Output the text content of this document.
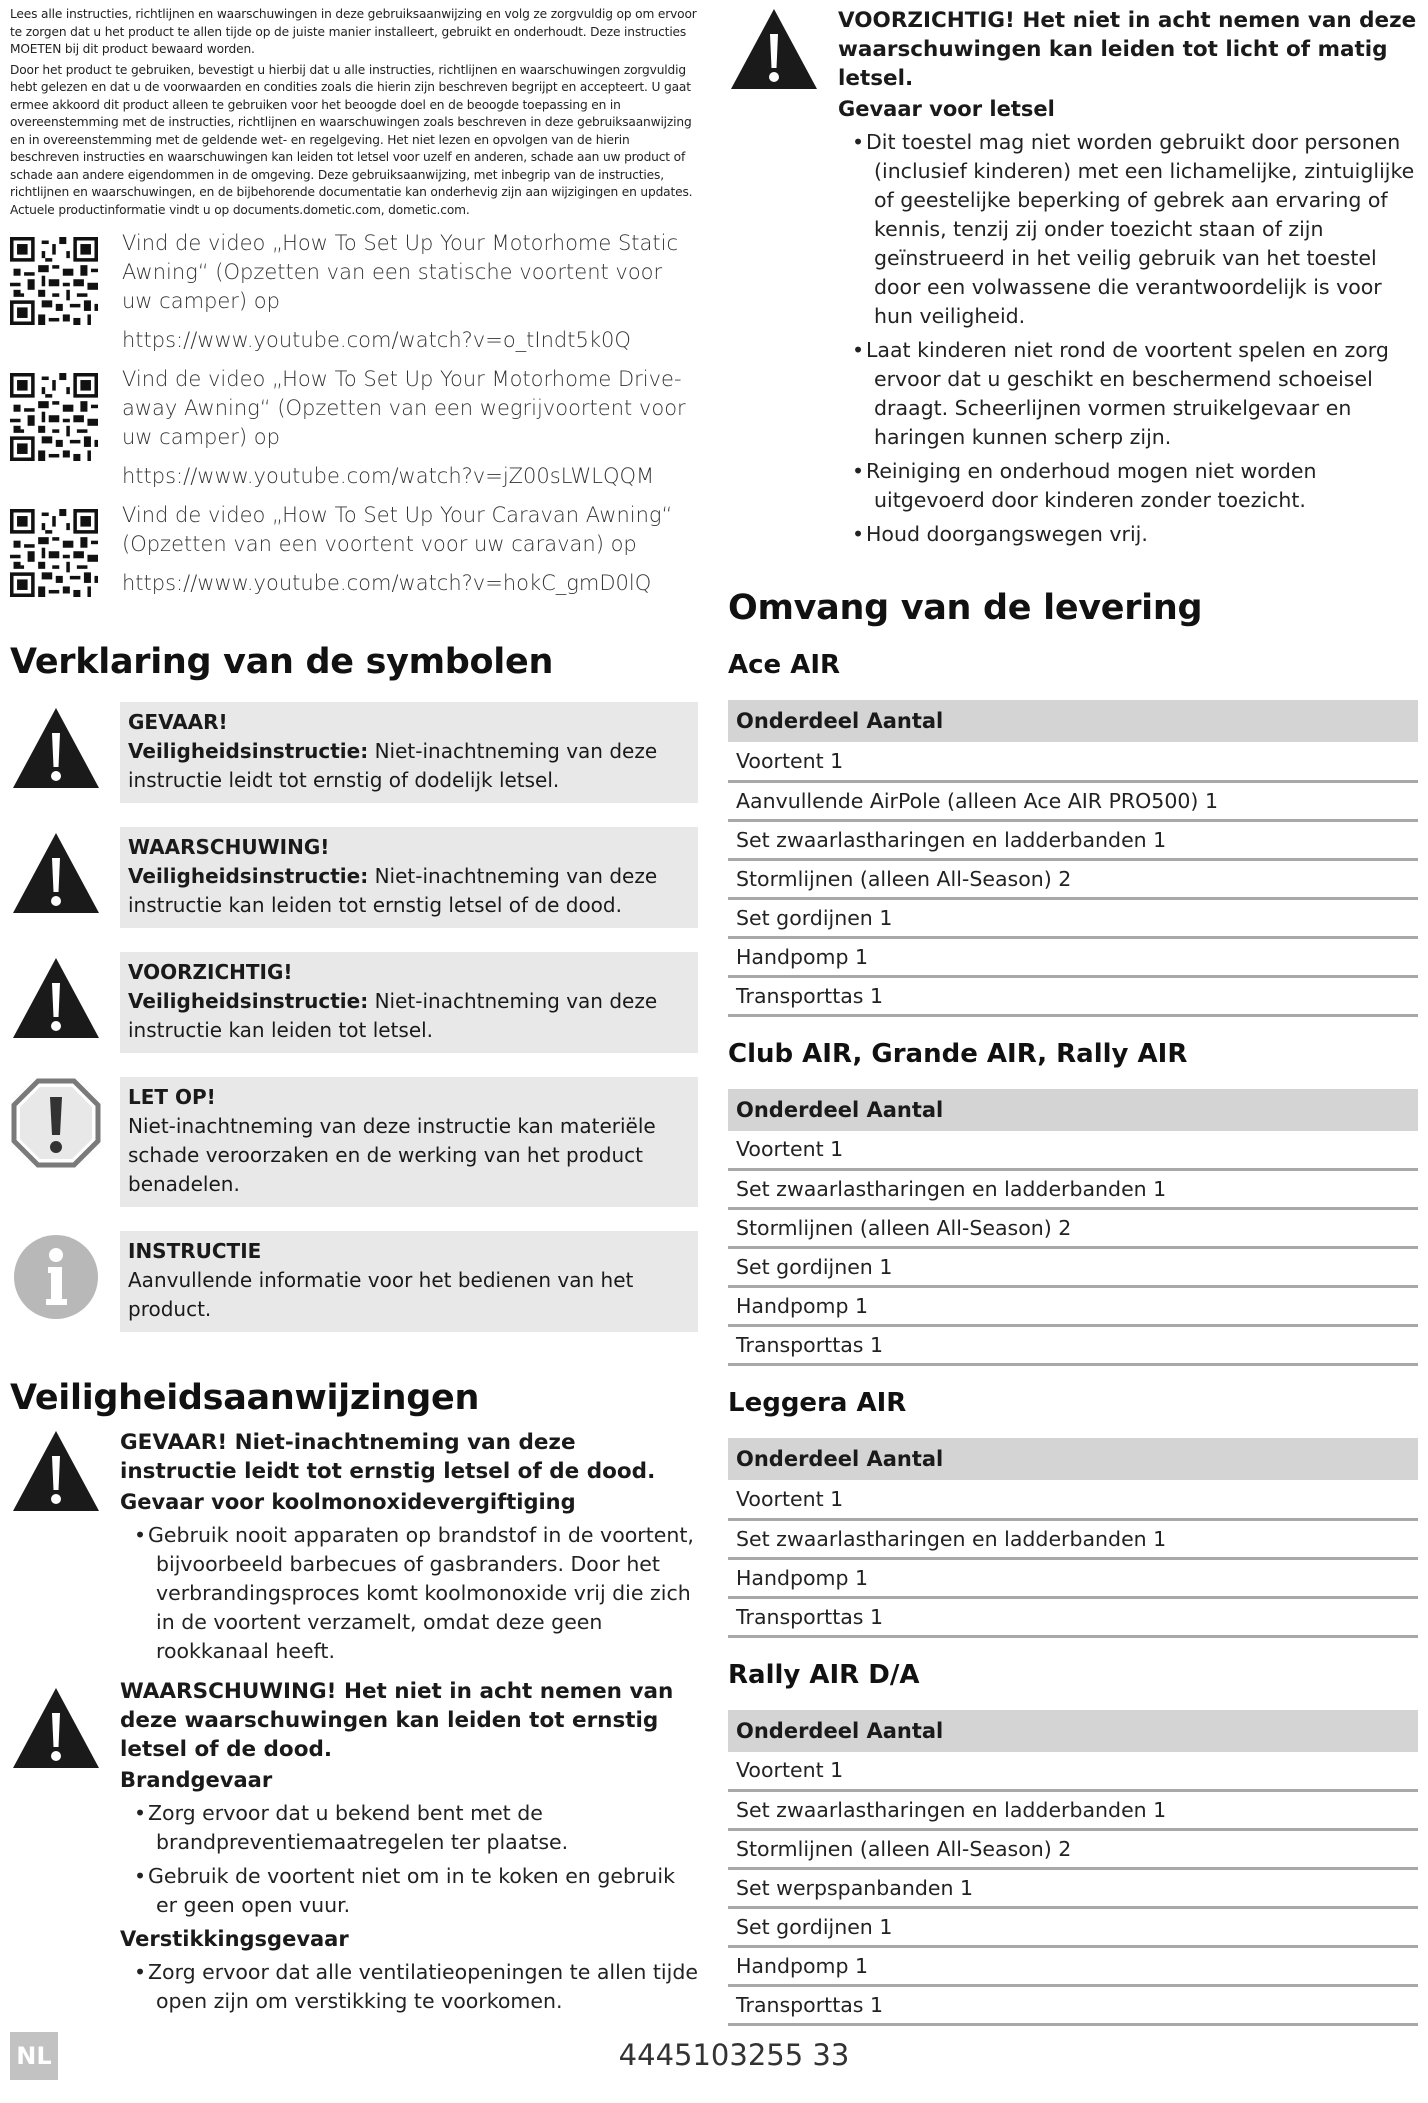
Lees alle instructies, richtlijnen en waarschuwingen in deze gebruiksaanwijzing en volg ze zorgvuldig op om ervoor te zorgen dat u het product te allen tijde op de juiste manier installeert, gebruikt en onderhoudt. Deze instructies MOETEN bij dit product bewaard worden.

Door het product te gebruiken, bevestigt u hierbij dat u alle instructies, richtlijnen en waarschuwingen zorgvuldig hebt gelezen en dat u de voorwaarden en condities zoals die hierin zijn beschreven begrijpt en accepteert. U gaat ermee akkoord dit product alleen te gebruiken voor het beoogde doel en de beoogde toepassing en in overeenstemming met de instructies, richtlijnen en waarschuwingen zoals beschreven in deze gebruiksaanwijzing en in overeenstemming met de geldende wet- en regelgeving. Het niet lezen en opvolgen van de hierin beschreven instructies en waarschuwingen kan leiden tot letsel voor uzelf en anderen, schade aan uw product of schade aan andere eigendommen in de omgeving. Deze gebruiksaanwijzing, met inbegrip van de instructies, richtlijnen en waarschuwingen, en de bijbehorende documentatie kan onderhevig zijn aan wijzigingen en updates. Actuele productinformatie vindt u op documents.dometic.com, dometic.com.

Vind de video „How To Set Up Your Motorhome Static Awning“ (Opzetten van een statische voortent voor uw camper) op
https://www.youtube.com/watch?v=o_tIndt5k0Q
Vind de video „How To Set Up Your Motorhome Drive-away Awning“ (Opzetten van een wegrijvoortent voor uw camper) op
https://www.youtube.com/watch?v=jZ00sLWLQQM
Vind de video „How To Set Up Your Caravan Awning“ (Opzetten van een voortent voor uw caravan) op
https://www.youtube.com/watch?v=hokC_gmD0lQ
Verklaring van de symbolen
GEVAAR!
Veiligheidsinstructie: Niet-inachtneming van deze instructie leidt tot ernstig of dodelijk letsel.
WAARSCHUWING!
Veiligheidsinstructie: Niet-inachtneming van deze instructie kan leiden tot ernstig letsel of de dood.
VOORZICHTIG!
Veiligheidsinstructie: Niet-inachtneming van deze instructie kan leiden tot letsel.
LET OP!
Niet-inachtneming van deze instructie kan materiële schade veroorzaken en de werking van het product benadelen.
INSTRUCTIE
Aanvullende informatie voor het bedienen van het product.
Veiligheidsaanwijzingen
GEVAAR! Niet-inachtneming van deze instructie leidt tot ernstig letsel of de dood.
Gevaar voor koolmonoxidevergiftiging
• Gebruik nooit apparaten op brandstof in de voortent, bijvoorbeeld barbecues of gasbranders. Door het verbrandingsproces komt koolmonoxide vrij die zich in de voortent verzamelt, omdat deze geen rookkanaal heeft.
WAARSCHUWING! Het niet in acht nemen van deze waarschuwingen kan leiden tot ernstig letsel of de dood.
Brandgevaar
• Zorg ervoor dat u bekend bent met de brandpreventiemaatregelen ter plaatse.
• Gebruik de voortent niet om in te koken en gebruik er geen open vuur.
Verstikkingsgevaar
• Zorg ervoor dat alle ventilatieopeningen te allen tijde open zijn om verstikking te voorkomen.
VOORZICHTIG! Het niet in acht nemen van deze waarschuwingen kan leiden tot licht of matig letsel.
Gevaar voor letsel
• Dit toestel mag niet worden gebruikt door personen (inclusief kinderen) met een lichamelijke, zintuiglijke of geestelijke beperking of gebrek aan ervaring of kennis, tenzij zij onder toezicht staan of zijn geïnstrueerd in het veilig gebruik van het toestel door een volwassene die verantwoordelijk is voor hun veiligheid.
• Laat kinderen niet rond de voortent spelen en zorg ervoor dat u geschikt en beschermend schoeisel draagt. Scheerlijnen vormen struikelgevaar en haringen kunnen scherp zijn.
• Reiniging en onderhoud mogen niet worden uitgevoerd door kinderen zonder toezicht.
• Houd doorgangswegen vrij.
Omvang van de levering
Ace AIR
Onderdeel Aantal
Voortent 1
Aanvullende AirPole (alleen Ace AIR PRO500) 1
Set zwaarlastharingen en ladderbanden 1
Stormlijnen (alleen All-Season) 2
Set gordijnen 1
Handpomp 1
Transporttas 1
Club AIR, Grande AIR, Rally AIR
Onderdeel Aantal
Voortent 1
Set zwaarlastharingen en ladderbanden 1
Stormlijnen (alleen All-Season) 2
Set gordijnen 1
Handpomp 1
Transporttas 1
Leggera AIR
Onderdeel Aantal
Voortent 1
Set zwaarlastharingen en ladderbanden 1
Handpomp 1
Transporttas 1
Rally AIR D/A
Onderdeel Aantal
Voortent 1
Set zwaarlastharingen en ladderbanden 1
Stormlijnen (alleen All-Season) 2
Set werpspanbanden 1
Set gordijnen 1
Handpomp 1
Transporttas 1
NL	4445103255 33
